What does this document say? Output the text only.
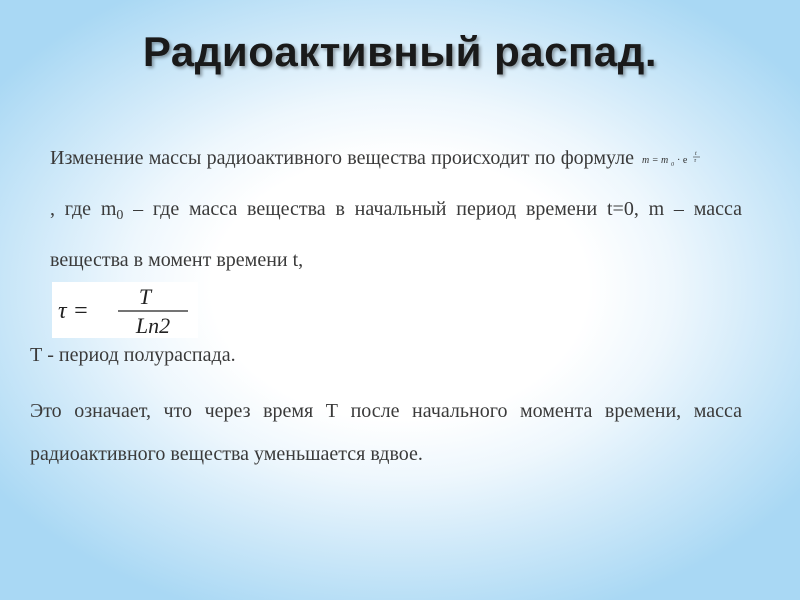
Радиоактивный распад.
Изменение массы радиоактивного вещества происходит по формуле m = m 0 · e
t
τ
, где $m_0$ – где масса вещества в начальный период времени t=0, m – масса вещества в момент времени t,
τ =
T
Ln2
Т - период полураспада.
Это означает, что через время Т после начального момента времени, масса радиоактивного вещества уменьшается вдвое.
